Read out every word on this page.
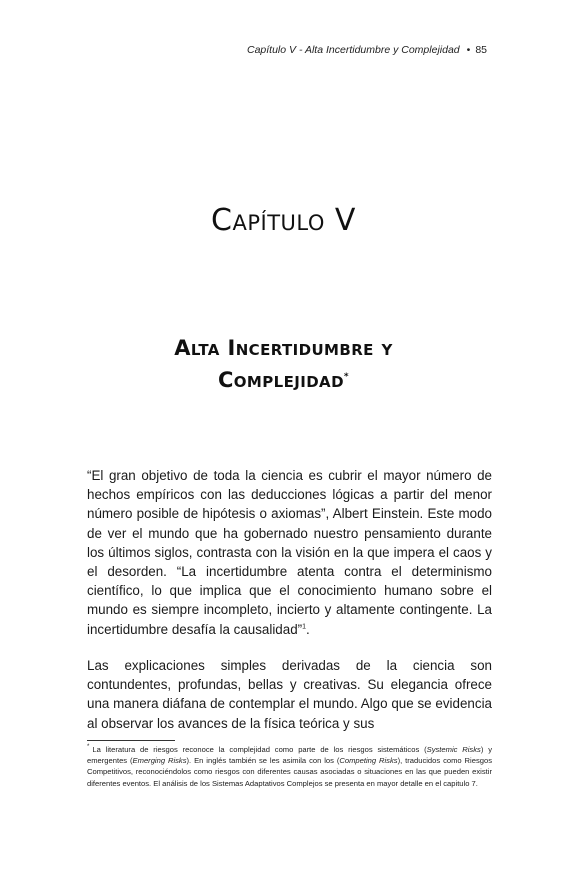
Capítulo V - Alta Incertidumbre y Complejidad • 85
Capítulo V
Alta Incertidumbre y
Complejidad*

“El gran objetivo de toda la ciencia es cubrir el mayor número de hechos empíricos con las deducciones lógicas a partir del menor número posible de hipótesis o axiomas”, Albert Einstein. Este modo de ver el mundo que ha gobernado nuestro pensamiento durante los últimos siglos, contrasta con la visión en la que impera el caos y el desorden. “La incertidumbre atenta contra el determinismo científico, lo que implica que el conocimiento humano sobre el mundo es siempre incompleto, incierto y altamente contingente. La incertidumbre desafía la causalidad”$^1$.

Las explicaciones simples derivadas de la ciencia son contundentes, profundas, bellas y creativas. Su elegancia ofrece una manera diáfana de contemplar el mundo. Algo que se evidencia al observar los avances de la física teórica y sus

* La literatura de riesgos reconoce la complejidad como parte de los riesgos sistemáticos (Systemic Risks) y emergentes (Emerging Risks). En inglés también se les asimila con los (Competing Risks), traducidos como Riesgos Competitivos, reconociéndolos como riesgos con diferentes causas asociadas o situaciones en las que pueden existir diferentes eventos. El análisis de los Sistemas Adaptativos Complejos se presenta en mayor detalle en el capitulo 7.
